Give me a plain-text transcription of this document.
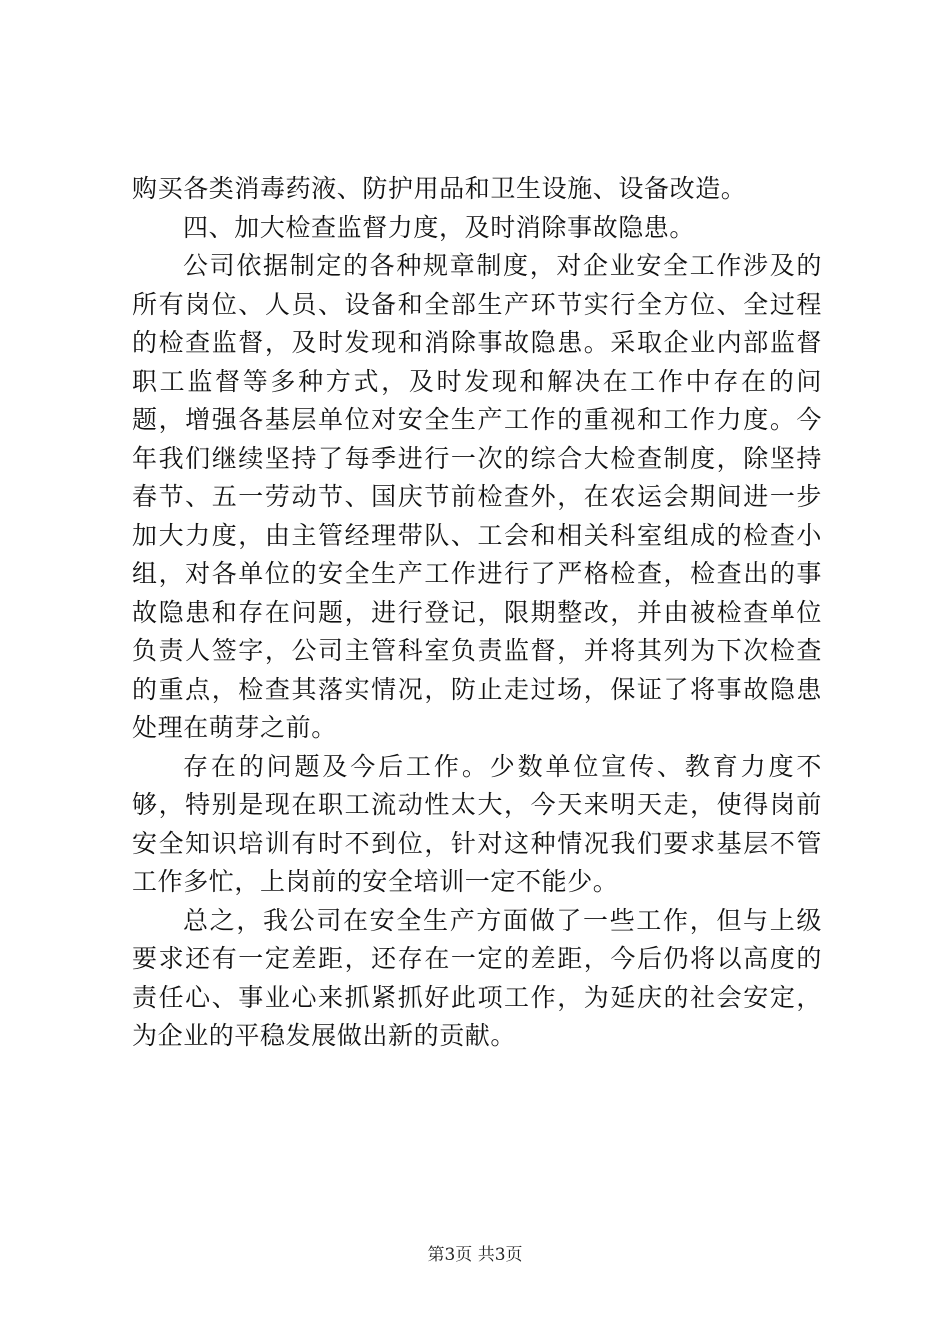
购买各类消毒药液、防护用品和卫生设施、设备改造。

四、加大检查监督力度，及时消除事故隐患。

公司依据制定的各种规章制度，对企业安全工作涉及的所有岗位、人员、设备和全部生产环节实行全方位、全过程的检查监督，及时发现和消除事故隐患。采取企业内部监督职工监督等多种方式，及时发现和解决在工作中存在的问题，增强各基层单位对安全生产工作的重视和工作力度。今年我们继续坚持了每季进行一次的综合大检查制度，除坚持春节、五一劳动节、国庆节前检查外，在农运会期间进一步加大力度，由主管经理带队、工会和相关科室组成的检查小组，对各单位的安全生产工作进行了严格检查，检查出的事故隐患和存在问题，进行登记，限期整改，并由被检查单位负责人签字，公司主管科室负责监督，并将其列为下次检查的重点，检查其落实情况，防止走过场，保证了将事故隐患处理在萌芽之前。

存在的问题及今后工作。少数单位宣传、教育力度不够，特别是现在职工流动性太大，今天来明天走，使得岗前安全知识培训有时不到位，针对这种情况我们要求基层不管工作多忙，上岗前的安全培训一定不能少。

总之，我公司在安全生产方面做了一些工作，但与上级要求还有一定差距，还存在一定的差距，今后仍将以高度的责任心、事业心来抓紧抓好此项工作，为延庆的社会安定，为企业的平稳发展做出新的贡献。

第3页 共3页
